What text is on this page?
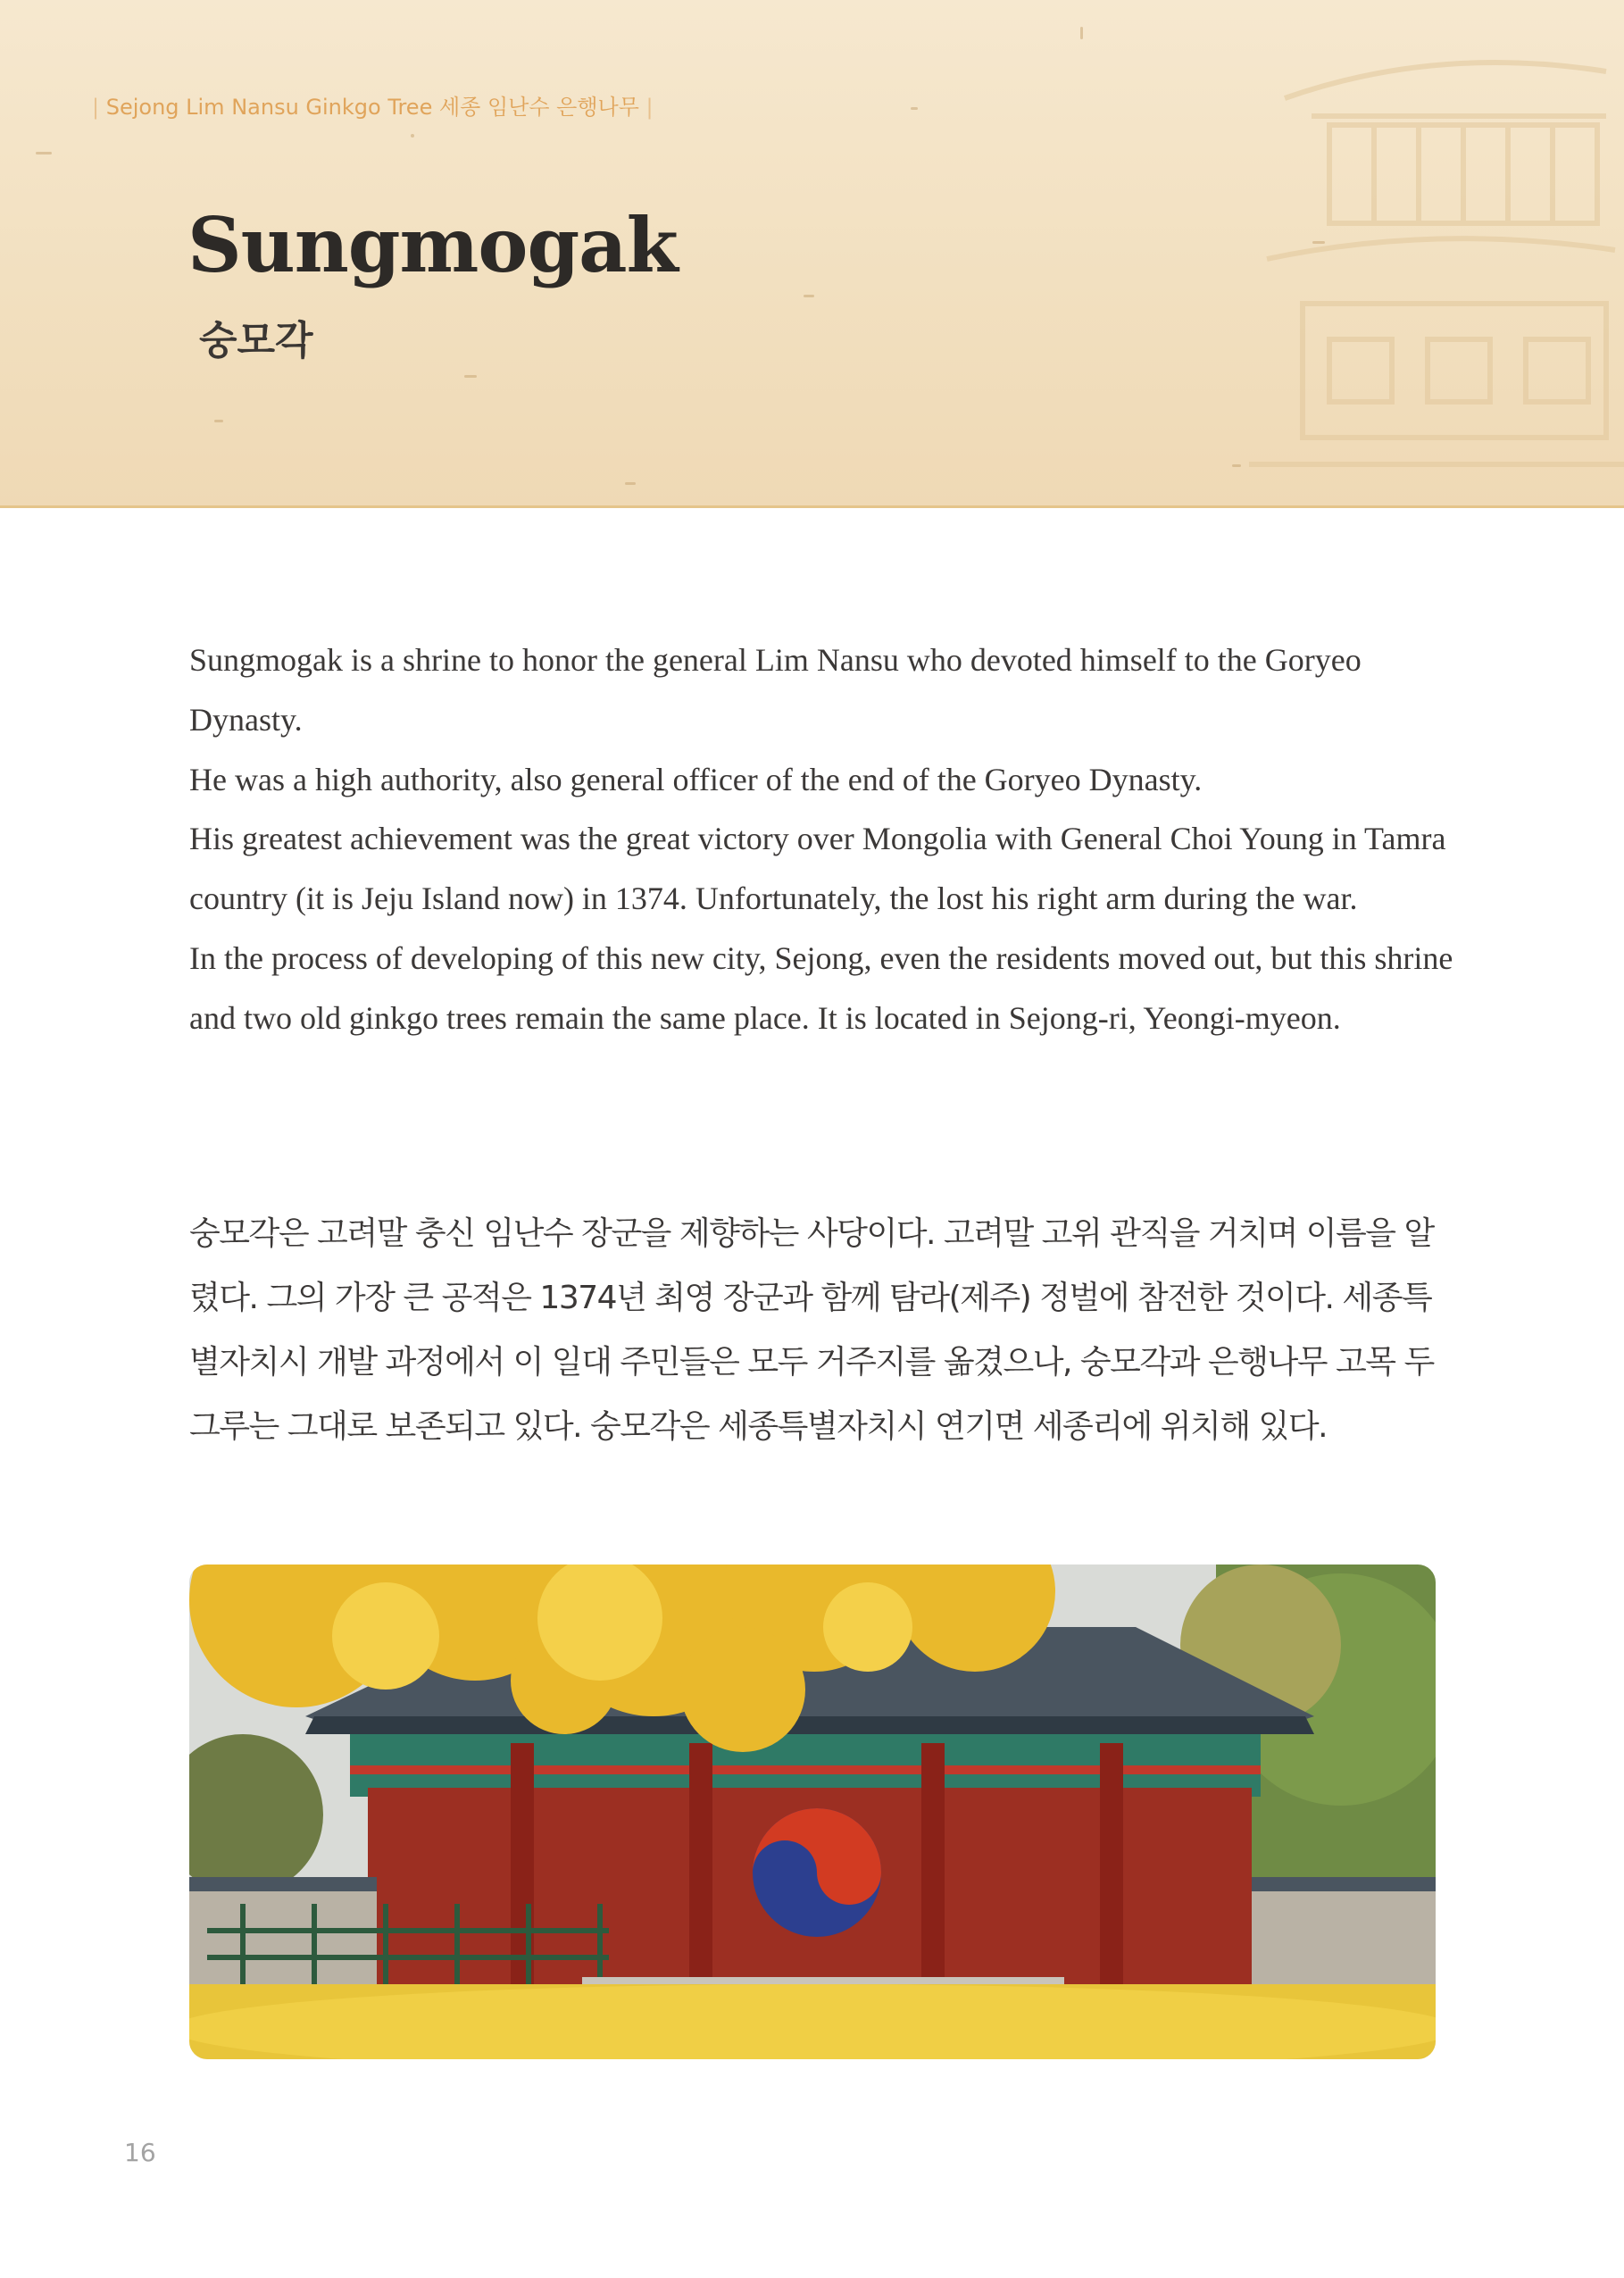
| Sejong Lim Nansu Ginkgo Tree 세종 임난수 은행나무 |
Sungmogak
숭모각

Sungmogak is a shrine to honor the general Lim Nansu who devoted himself to the Goryeo Dynasty.

He was a high authority, also general officer of the end of the Goryeo Dynasty.

His greatest achievement was the great victory over Mongolia with General Choi Young in Tamra country (it is Jeju Island now) in 1374. Unfortunately, the lost his right arm during the war.

In the process of developing of this new city, Sejong, even the residents moved out, but this shrine and two old ginkgo trees remain the same place. It is located in Sejong-ri, Yeongi-myeon.

숭모각은 고려말 충신 임난수 장군을 제향하는 사당이다. 고려말 고위 관직을 거치며 이름을 알렸다. 그의 가장 큰 공적은 1374년 최영 장군과 함께 탐라(제주) 정벌에 참전한 것이다. 세종특별자치시 개발 과정에서 이 일대 주민들은 모두 거주지를 옮겼으나, 숭모각과 은행나무 고목 두 그루는 그대로 보존되고 있다. 숭모각은 세종특별자치시 연기면 세종리에 위치해 있다.

16
